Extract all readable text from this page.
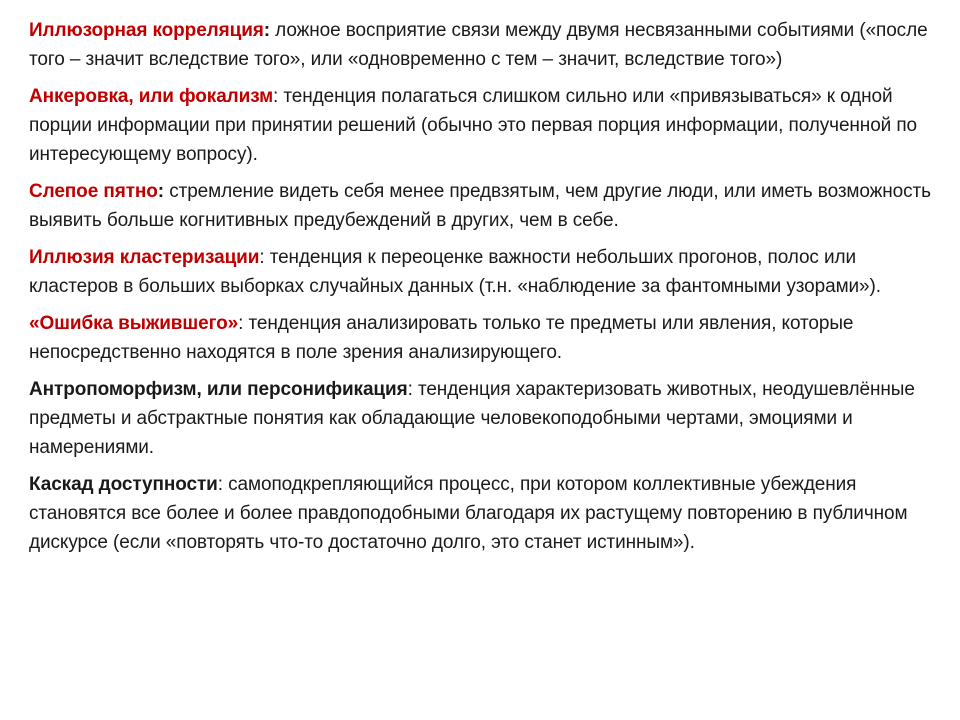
Иллюзорная корреляция: ложное восприятие связи между двумя несвязанными событиями («после того – значит вследствие того», или «одновременно с тем – значит, вследствие того»)

Анкеровка, или фокализм: тенденция полагаться слишком сильно или «привязываться» к одной порции информации при принятии решений (обычно это первая порция информации, полученной по интересующему вопросу).

Слепое пятно: стремление видеть себя менее предвзятым, чем другие люди, или иметь возможность выявить больше когнитивных предубеждений в других, чем в себе.

Иллюзия кластеризации: тенденция к переоценке важности небольших прогонов, полос или кластеров в больших выборках случайных данных (т.н. «наблюдение за фантомными узорами»).

«Ошибка выжившего»: тенденция анализировать только те предметы или явления, которые непосредственно находятся в поле зрения анализирующего.

Антропоморфизм, или персонификация: тенденция характеризовать животных, неодушевлённые предметы и абстрактные понятия как обладающие человекоподобными чертами, эмоциями и намерениями.

Каскад доступности: самоподкрепляющийся процесс, при котором коллективные убеждения становятся все более и более правдоподобными благодаря их растущему повторению в публичном дискурсе (если «повторять что-то достаточно долго, это станет истинным»).
